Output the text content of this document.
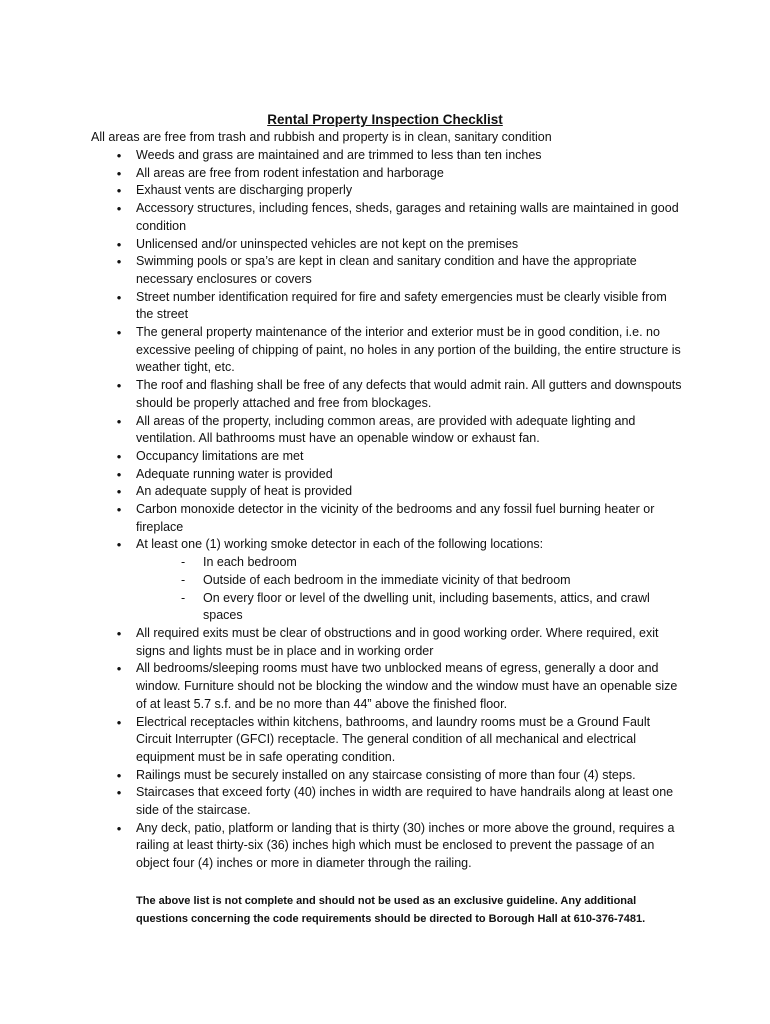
Rental Property Inspection Checklist
All areas are free from trash and rubbish and property is in clean, sanitary condition
• Weeds and grass are maintained and are trimmed to less than ten inches
• All areas are free from rodent infestation and harborage
• Exhaust vents are discharging properly
• Accessory structures, including fences, sheds, garages and retaining walls are maintained in good condition
• Unlicensed and/or uninspected vehicles are not kept on the premises
• Swimming pools or spa’s are kept in clean and sanitary condition and have the appropriate necessary enclosures or covers
• Street number identification required for fire and safety emergencies must be clearly visible from the street
• The general property maintenance of the interior and exterior must be in good condition, i.e. no excessive peeling of chipping of paint, no holes in any portion of the building, the entire structure is weather tight, etc.
• The roof and flashing shall be free of any defects that would admit rain. All gutters and downspouts should be properly attached and free from blockages.
• All areas of the property, including common areas, are provided with adequate lighting and ventilation. All bathrooms must have an openable window or exhaust fan.
• Occupancy limitations are met
• Adequate running water is provided
• An adequate supply of heat is provided
• Carbon monoxide detector in the vicinity of the bedrooms and any fossil fuel burning heater or fireplace
• At least one (1) working smoke detector in each of the following locations:
- In each bedroom
- Outside of each bedroom in the immediate vicinity of that bedroom
- On every floor or level of the dwelling unit, including basements, attics, and crawl spaces
• All required exits must be clear of obstructions and in good working order. Where required, exit signs and lights must be in place and in working order
• All bedrooms/sleeping rooms must have two unblocked means of egress, generally a door and window. Furniture should not be blocking the window and the window must have an openable size of at least 5.7 s.f. and be no more than 44” above the finished floor.
• Electrical receptacles within kitchens, bathrooms, and laundry rooms must be a Ground Fault Circuit Interrupter (GFCI) receptacle. The general condition of all mechanical and electrical equipment must be in safe operating condition.
• Railings must be securely installed on any staircase consisting of more than four (4) steps.
• Staircases that exceed forty (40) inches in width are required to have handrails along at least one side of the staircase.
• Any deck, patio, platform or landing that is thirty (30) inches or more above the ground, requires a railing at least thirty-six (36) inches high which must be enclosed to prevent the passage of an object four (4) inches or more in diameter through the railing.
The above list is not complete and should not be used as an exclusive guideline. Any additional questions concerning the code requirements should be directed to Borough Hall at 610-376-7481.
